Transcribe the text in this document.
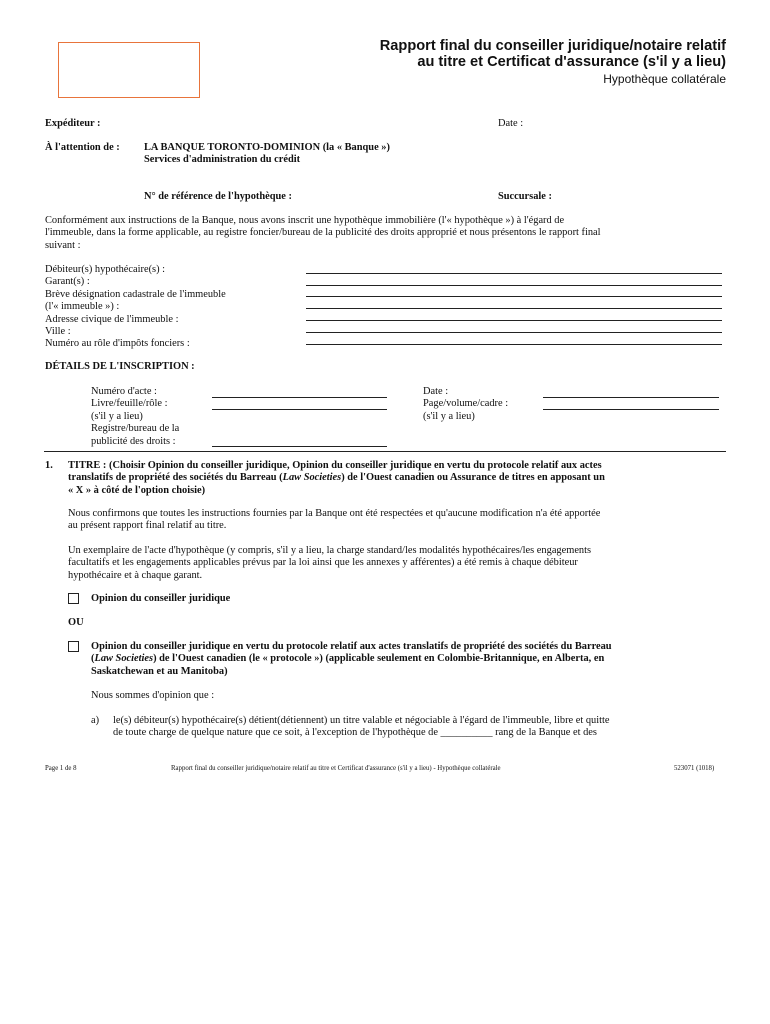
Rapport final du conseiller juridique/notaire relatif
au titre et Certificat d'assurance (s'il y a lieu)
Hypothèque collatérale
Expéditeur :	Date :
À l'attention de : LA BANQUE TORONTO-DOMINION (la « Banque »)
Services d'administration du crédit
N° de référence de l'hypothèque :	Succursale :
Conformément aux instructions de la Banque, nous avons inscrit une hypothèque immobilière (l'« hypothèque ») à l'égard de
l'immeuble, dans la forme applicable, au registre foncier/bureau de la publicité des droits approprié et nous présentons le rapport final
suivant :
Débiteur(s) hypothécaire(s) :
Garant(s) :
Brève désignation cadastrale de l'immeuble
(l'« immeuble ») :
Adresse civique de l'immeuble :
Ville :
Numéro au rôle d'impôts fonciers :
DÉTAILS DE L'INSCRIPTION :
Numéro d'acte :
Livre/feuille/rôle :
(s'il y a lieu)
Registre/bureau de la
publicité des droits :
Date :
Page/volume/cadre :
(s'il y a lieu)
1. TITRE : (Choisir Opinion du conseiller juridique, Opinion du conseiller juridique en vertu du protocole relatif aux actes
translatifs de propriété des sociétés du Barreau (Law Societies) de l'Ouest canadien ou Assurance de titres en apposant un
« X » à côté de l'option choisie)
Nous confirmons que toutes les instructions fournies par la Banque ont été respectées et qu'aucune modification n'a été apportée
au présent rapport final relatif au titre.
Un exemplaire de l'acte d'hypothèque (y compris, s'il y a lieu, la charge standard/les modalités hypothécaires/les engagements
facultatifs et les engagements applicables prévus par la loi ainsi que les annexes y afférentes) a été remis à chaque débiteur
hypothécaire et à chaque garant.
Opinion du conseiller juridique
OU
Opinion du conseiller juridique en vertu du protocole relatif aux actes translatifs de propriété des sociétés du Barreau
(Law Societies) de l'Ouest canadien (le « protocole ») (applicable seulement en Colombie-Britannique, en Alberta, en
Saskatchewan et au Manitoba)
Nous sommes d'opinion que :
a) le(s) débiteur(s) hypothécaire(s) détient(détiennent) un titre valable et négociable à l'égard de l'immeuble, libre et quitte
de toute charge de quelque nature que ce soit, à l'exception de l'hypothèque de __________ rang de la Banque et des
Page 1 de 8	Rapport final du conseiller juridique/notaire relatif au titre et Certificat d'assurance (s'il y a lieu) - Hypothèque collatérale	523071 (1018)
